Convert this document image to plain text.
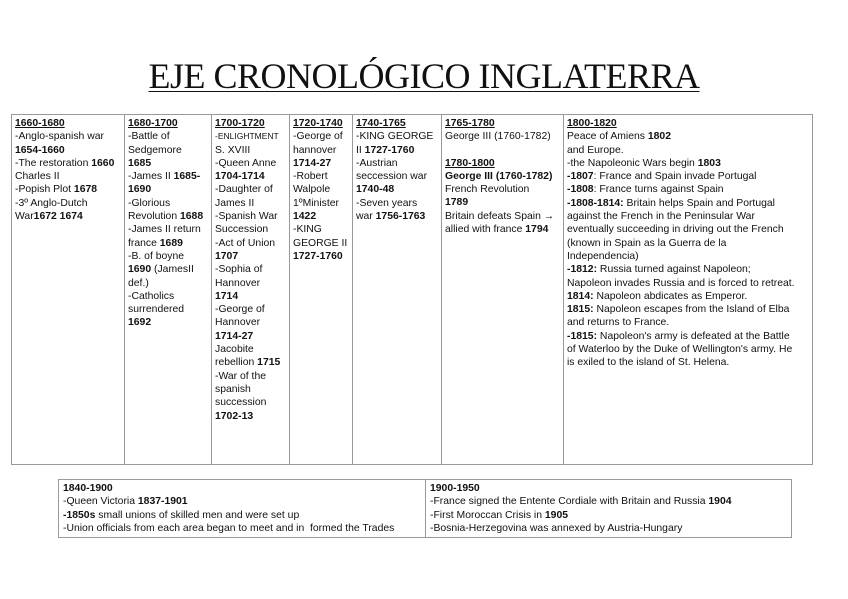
EJE CRONOLÓGICO INGLATERRA
1660-1680
-Anglo-spanish war
1654-1660
-The restoration 1660
Charles II
-Popish Plot 1678
-3º Anglo-Dutch
War1672 1674

1680-1700
-Battle of
Sedgemore
1685
-James II 1685-
1690
-Glorious
Revolution 1688
-James II return
france 1689
-B. of boyne
1690 (JamesII
def.)
-Catholics
surrendered
1692

1700-1720
-ENLIGHTMENT
S. XVIII
-Queen Anne
1704-1714
-Daughter of
James II
-Spanish War
Succession
-Act of Union
1707
-Sophia of
Hannover
1714
-George of
Hannover
1714-27
Jacobite
rebellion 1715
-War of the
spanish
succession
1702-13

1720-1740
-George of
hannover
1714-27
-Robert
Walpole
1ºMinister
1422
-KING
GEORGE II
1727-1760

1740-1765
-KING GEORGE
II 1727-1760
-Austrian
seccession war
1740-48
-Seven years
war 1756-1763

1765-1780
George III (1760-1782)
1780-1800
George III (1760-1782)
French Revolution
1789
Britain defeats Spain →
allied with france 1794

1800-1820
Peace of Amiens 1802
and Europe.
-the Napoleonic Wars begin 1803
-1807: France and Spain invade Portugal
-1808: France turns against Spain
-1808-1814: Britain helps Spain and Portugal
against the French in the Peninsular War
eventually succeeding in driving out the French
(known in Spain as la Guerra de la
Independencia)
-1812: Russia turned against Napoleon;
Napoleon invades Russia and is forced to retreat.
1814: Napoleon abdicates as Emperor.
1815: Napoleon escapes from the Island of Elba
and returns to France.
-1815: Napoleon's army is defeated at the Battle
of Waterloo by the Duke of Wellington's army. He
is exiled to the island of St. Helena.
1840-1900
-Queen Victoria 1837-1901
-1850s small unions of skilled men and were set up
-Union officials from each area began to meet and in  formed the Trades

1900-1950
-France signed the Entente Cordiale with Britain and Russia 1904
-First Moroccan Crisis in 1905
-Bosnia-Herzegovina was annexed by Austria-Hungary
